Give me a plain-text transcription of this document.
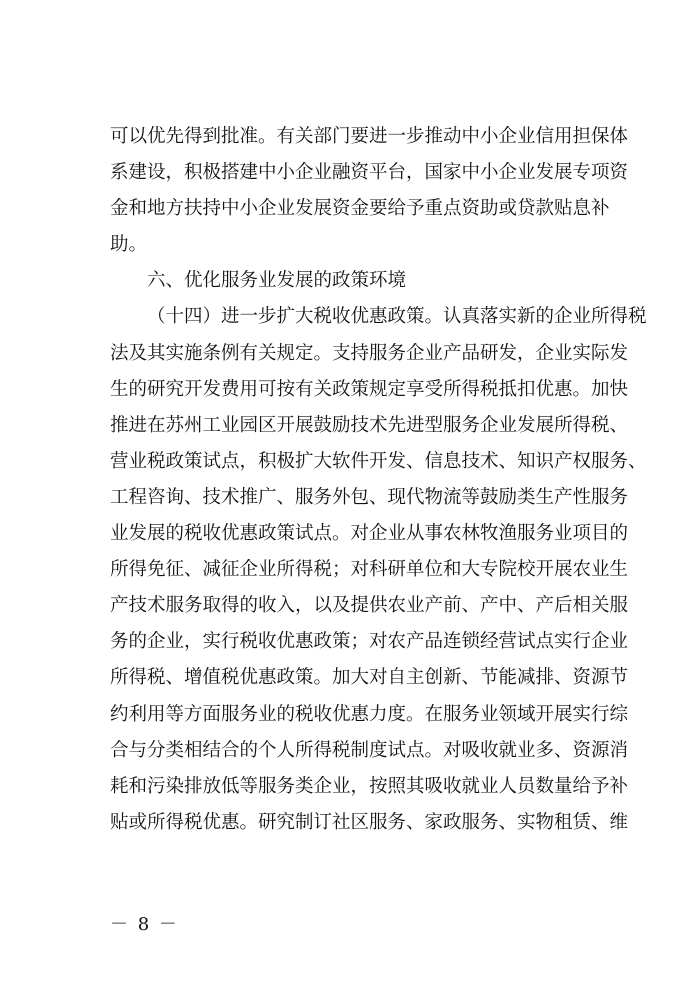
可以优先得到批准。有关部门要进一步推动中小企业信用担保体
系建设，积极搭建中小企业融资平台，国家中小企业发展专项资
金和地方扶持中小企业发展资金要给予重点资助或贷款贴息补
助。
六、优化服务业发展的政策环境
（十四）进一步扩大税收优惠政策。认真落实新的企业所得税
法及其实施条例有关规定。支持服务企业产品研发，企业实际发
生的研究开发费用可按有关政策规定享受所得税抵扣优惠。加快
推进在苏州工业园区开展鼓励技术先进型服务企业发展所得税、
营业税政策试点，积极扩大软件开发、信息技术、知识产权服务、
工程咨询、技术推广、服务外包、现代物流等鼓励类生产性服务
业发展的税收优惠政策试点。对企业从事农林牧渔服务业项目的
所得免征、减征企业所得税；对科研单位和大专院校开展农业生
产技术服务取得的收入，以及提供农业产前、产中、产后相关服
务的企业，实行税收优惠政策；对农产品连锁经营试点实行企业
所得税、增值税优惠政策。加大对自主创新、节能减排、资源节
约利用等方面服务业的税收优惠力度。在服务业领域开展实行综
合与分类相结合的个人所得税制度试点。对吸收就业多、资源消
耗和污染排放低等服务类企业，按照其吸收就业人员数量给予补
贴或所得税优惠。研究制订社区服务、家政服务、实物租赁、维
－ 8 －
